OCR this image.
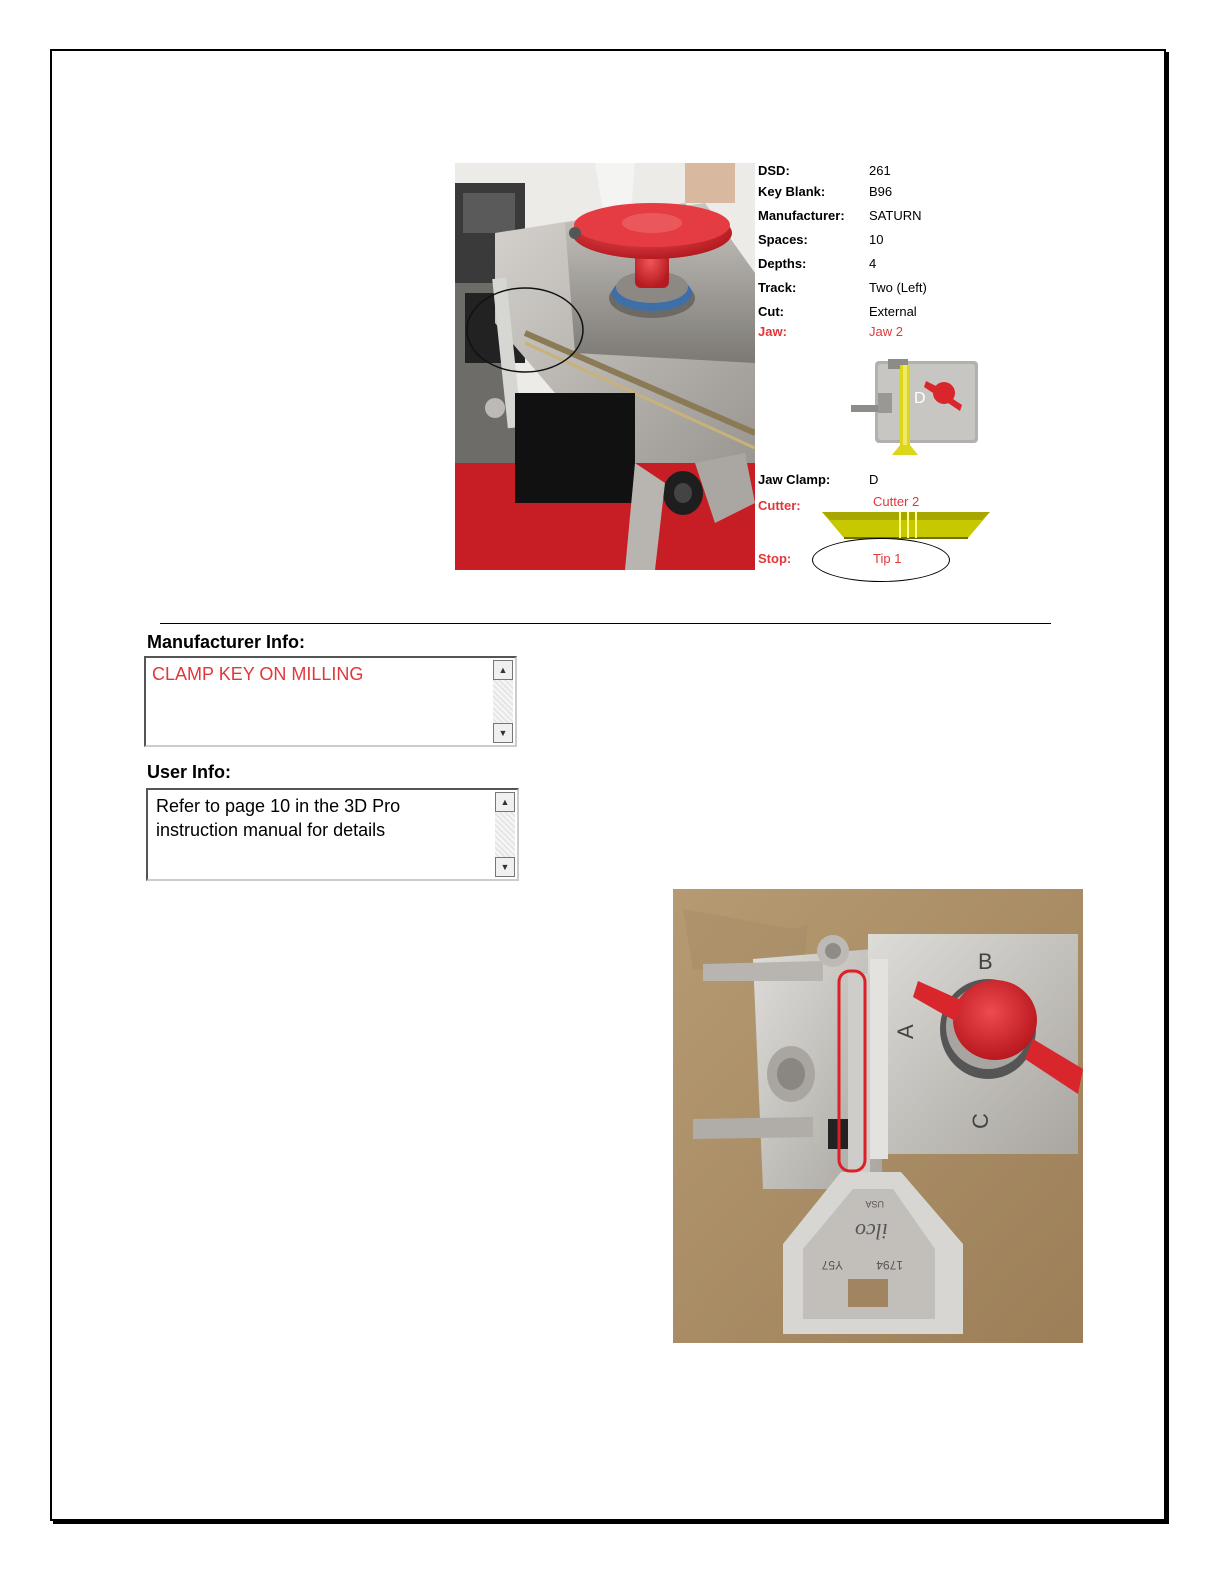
DSD:	261
Key Blank:	B96
Manufacturer: SATURN
Spaces:	10
Depths:	4
Track:	Two (Left)
Cut:	External
Jaw:	Jaw 2
Jaw Clamp:	D
Cutter:	Cutter 2
Stop:	Tip 1
D
Manufacturer Info:
CLAMP KEY ON MILLING	▲
▼
User Info:
Refer to page 10 in the 3D Pro
instruction manual for details
▲
▼
A
B
C
ilco
1794
Y57
USA
